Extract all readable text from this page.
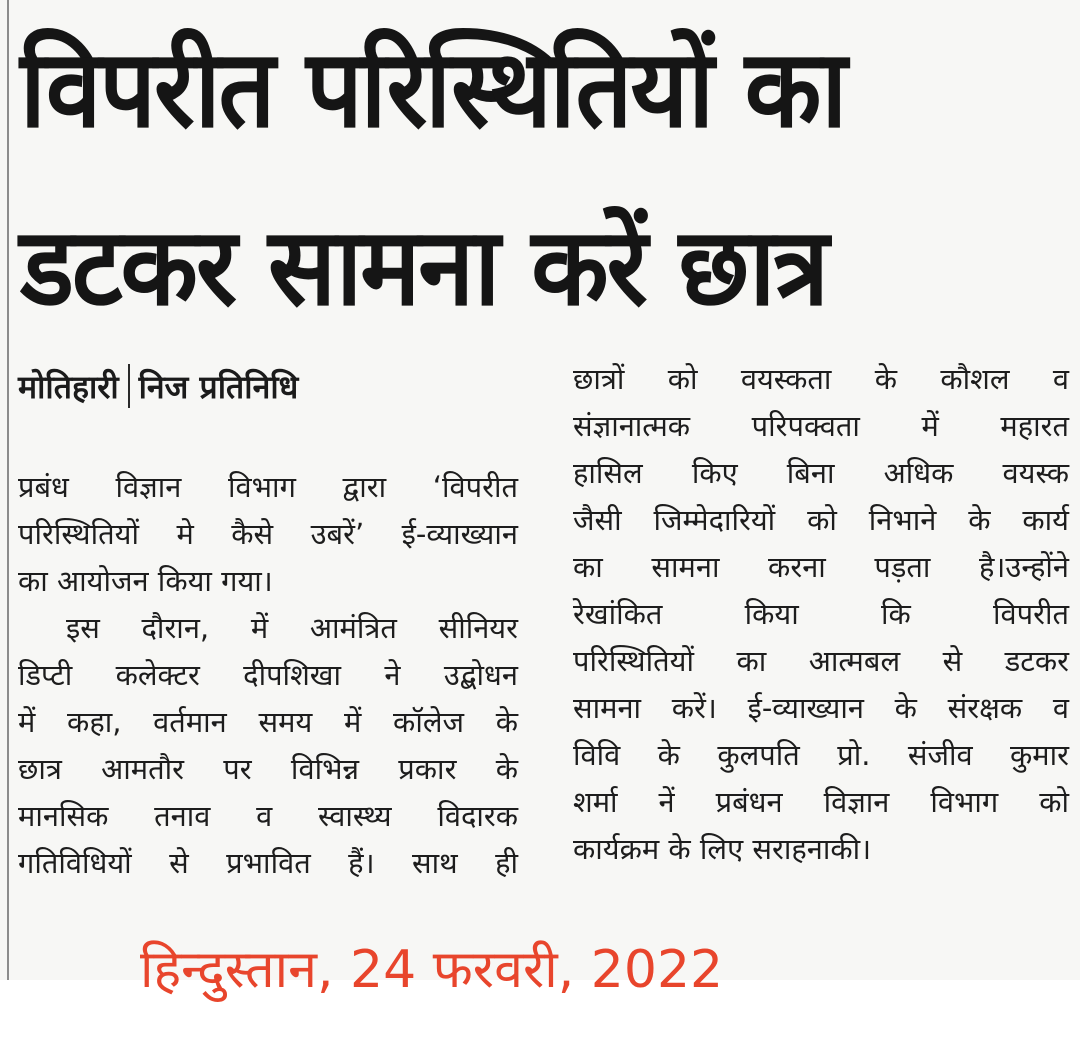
विपरीत परिस्थितियों का
डटकर सामना करें छात्र
मोतिहारी निज प्रतिनिधि
प्रबंध विज्ञान विभाग द्वारा ‘विपरीत
परिस्थितियों मे कैसे उबरें’ ई-व्याख्यान
का आयोजन किया गया।
इस दौरान, में आमंत्रित सीनियर
डिप्टी कलेक्टर दीपशिखा ने उद्बोधन
में कहा, वर्तमान समय में कॉलेज के
छात्र आमतौर पर विभिन्न प्रकार के
मानसिक तनाव व स्वास्थ्य विदारक
गतिविधियों से प्रभावित हैं। साथ ही
छात्रों को वयस्कता के कौशल व
संज्ञानात्मक परिपक्वता में महारत
हासिल किए बिना अधिक वयस्क
जैसी जिम्मेदारियों को निभाने के कार्य
का सामना करना पड़ता है।उन्होंने
रेखांकित किया कि विपरीत
परिस्थितियों का आत्मबल से डटकर
सामना करें। ई-व्याख्यान के संरक्षक व
विवि के कुलपति प्रो. संजीव कुमार
शर्मा नें प्रबंधन विज्ञान विभाग को
कार्यक्रम के लिए सराहनाकी।
हिन्दुस्तान, 24 फरवरी, 2022
